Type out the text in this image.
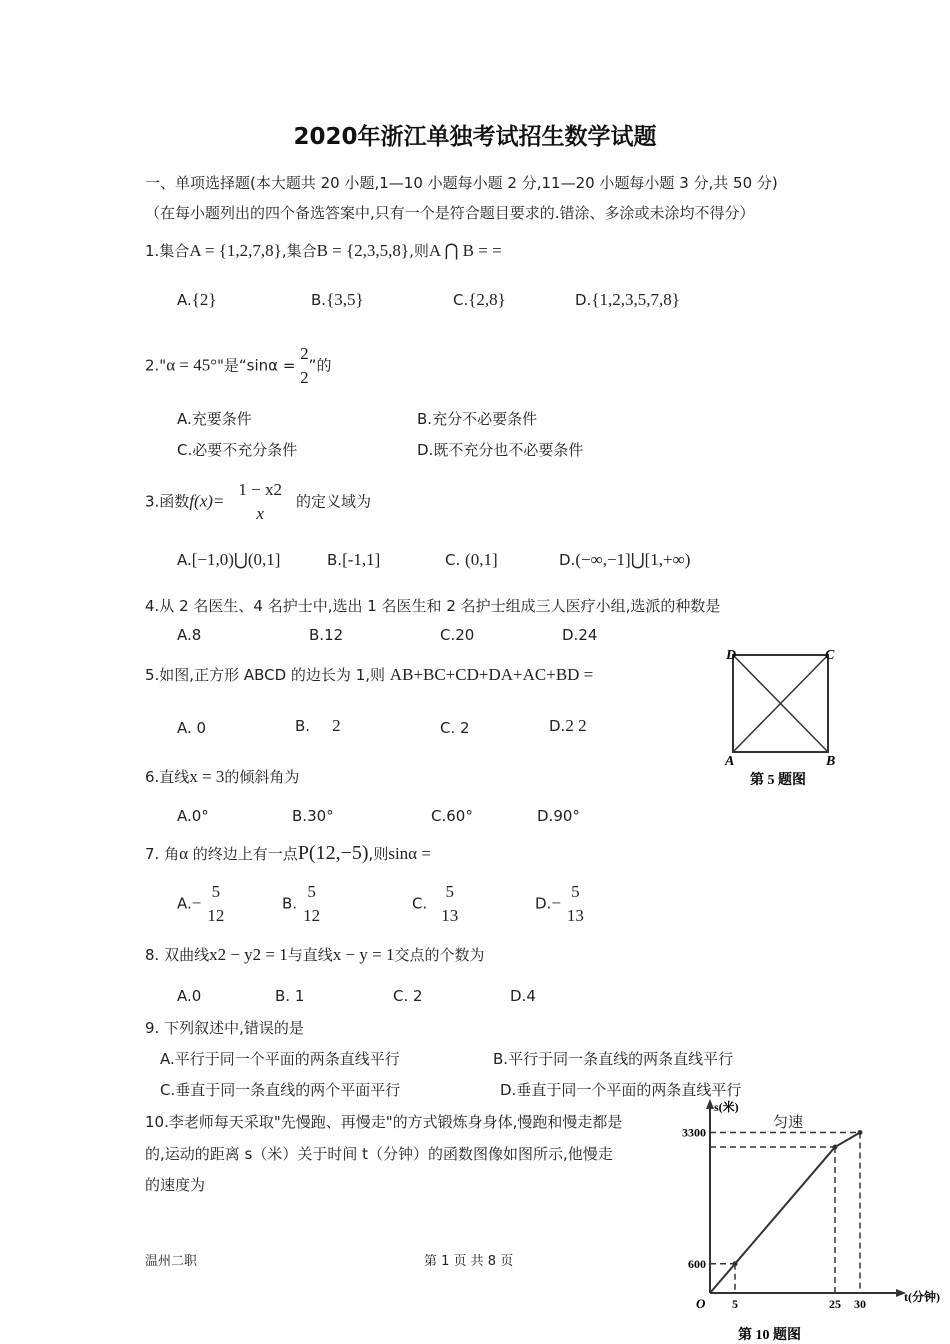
2020年浙江单独考试招生数学试题
一、单项选择题(本大题共 20 小题,1—10 小题每小题 2 分,11—20 小题每小题 3 分,共 50 分)
（在每小题列出的四个备选答案中,只有一个是符合题目要求的.错涂、多涂或未涂均不得分）
1.集合A = {1,2,7,8},集合B = {2,3,5,8},则A ⋂ B = =
A.{2}	B.{3,5}	C.{2,8}	D.{1,2,3,5,7,8}
2."α = 45°"是“sinα =
2
2
”的
A.充要条件	B.充分不必要条件
C.必要不充分条件	D.既不充分也不必要条件
3.函数f(x)=
1 − x2
x
的定义域为
A.[−1,0)⋃(0,1]	B.[-1,1]	C. (0,1]	D.(−∞,−1]⋃[1,+∞)
4.从 2 名医生、4 名护士中,选出 1 名医生和 2 名护士组成三人医疗小组,选派的种数是
A.8	B.12	C.20	D.24
5.如图,正方形 ABCD 的边长为 1,则 AB+BC+CD+DA+AC+BD =
A. 0	B. 2	C. 2	D.2 2
D	C
A	B
第 5 题图
6.直线x = 3的倾斜角为
A.0°	B.30°	C.60°	D.90°
7. 角α 的终边上有一点P(12,−5),则sinα =
A.−
5
12
B.
5
12
C.
5
13
D.−
5
13
8. 双曲线x2 − y2 = 1与直线x − y = 1交点的个数为
A.0	B. 1	C. 2	D.4
9. 下列叙述中,错误的是
A.平行于同一个平面的两条直线平行	B.平行于同一条直线的两条直线平行
C.垂直于同一条直线的两个平面平行	D.垂直于同一个平面的两条直线平行
10.李老师每天采取"先慢跑、再慢走"的方式锻炼身身体,慢跑和慢走都是	匀速
的,运动的距离 s（米）关于时间 t（分钟）的函数图像如图所示,他慢走
的速度为
s(米)
t(分钟)
O 5	25 30
600
3300
第 10 题图
温州二职	第 1 页 共 8 页
